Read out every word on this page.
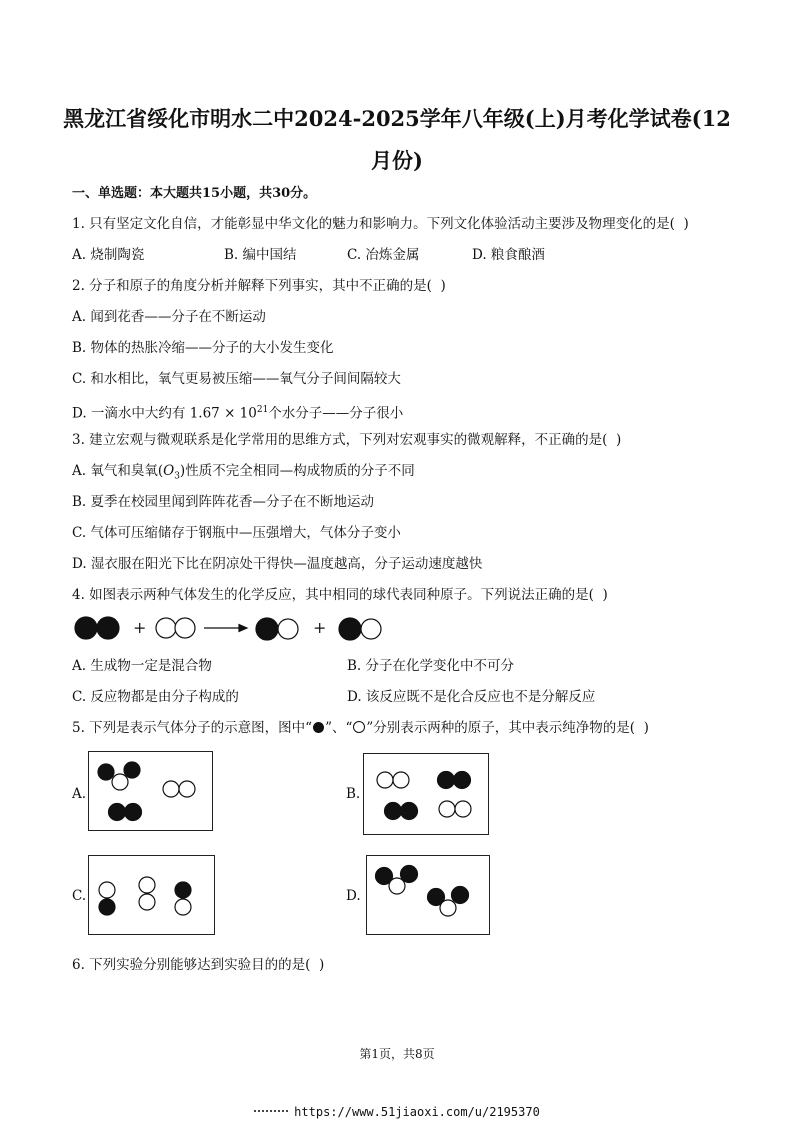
黑龙江省绥化市明水二中2024-2025学年八年级(上)月考化学试卷(12
月份)
一、单选题：本大题共15小题，共30分。
1. 只有坚定文化自信，才能彰显中华文化的魅力和影响力。下列文化体验活动主要涉及物理变化的是(  )
A. 烧制陶瓷	B. 编中国结	C. 冶炼金属	D. 粮食酿酒
2. 分子和原子的角度分析并解释下列事实，其中不正确的是(  )
A. 闻到花香——分子在不断运动
B. 物体的热胀冷缩——分子的大小发生变化
C. 和水相比，氧气更易被压缩——氧气分子间间隔较大
D. 一滴水中大约有 $1.67 \times 10^{21}$个水分子——分子很小
3. 建立宏观与微观联系是化学常用的思维方式，下列对宏观事实的微观解释，不正确的是(  )
A. 氧气和臭氧$(O_3)$性质不完全相同—构成物质的分子不同
B. 夏季在校园里闻到阵阵花香—分子在不断地运动
C. 气体可压缩储存于钢瓶中—压强增大，气体分子变小
D. 湿衣服在阳光下比在阴凉处干得快—温度越高，分子运动速度越快
4. 如图表示两种气体发生的化学反应，其中相同的球代表同种原子。下列说法正确的是(  )
+	+
A. 生成物一定是混合物	B. 分子在化学变化中不可分
C. 反应物都是由分子构成的	D. 该反应既不是化合反应也不是分解反应
5. 下列是表示气体分子的示意图，图中“ ”、“ ”分别表示两种的原子，其中表示纯净物的是(  )
A.	B.
C.	D.
6. 下列实验分别能够达到实验目的的是(  )
第1页，共8页
https://www.51jiaoxi.com/u/2195370
